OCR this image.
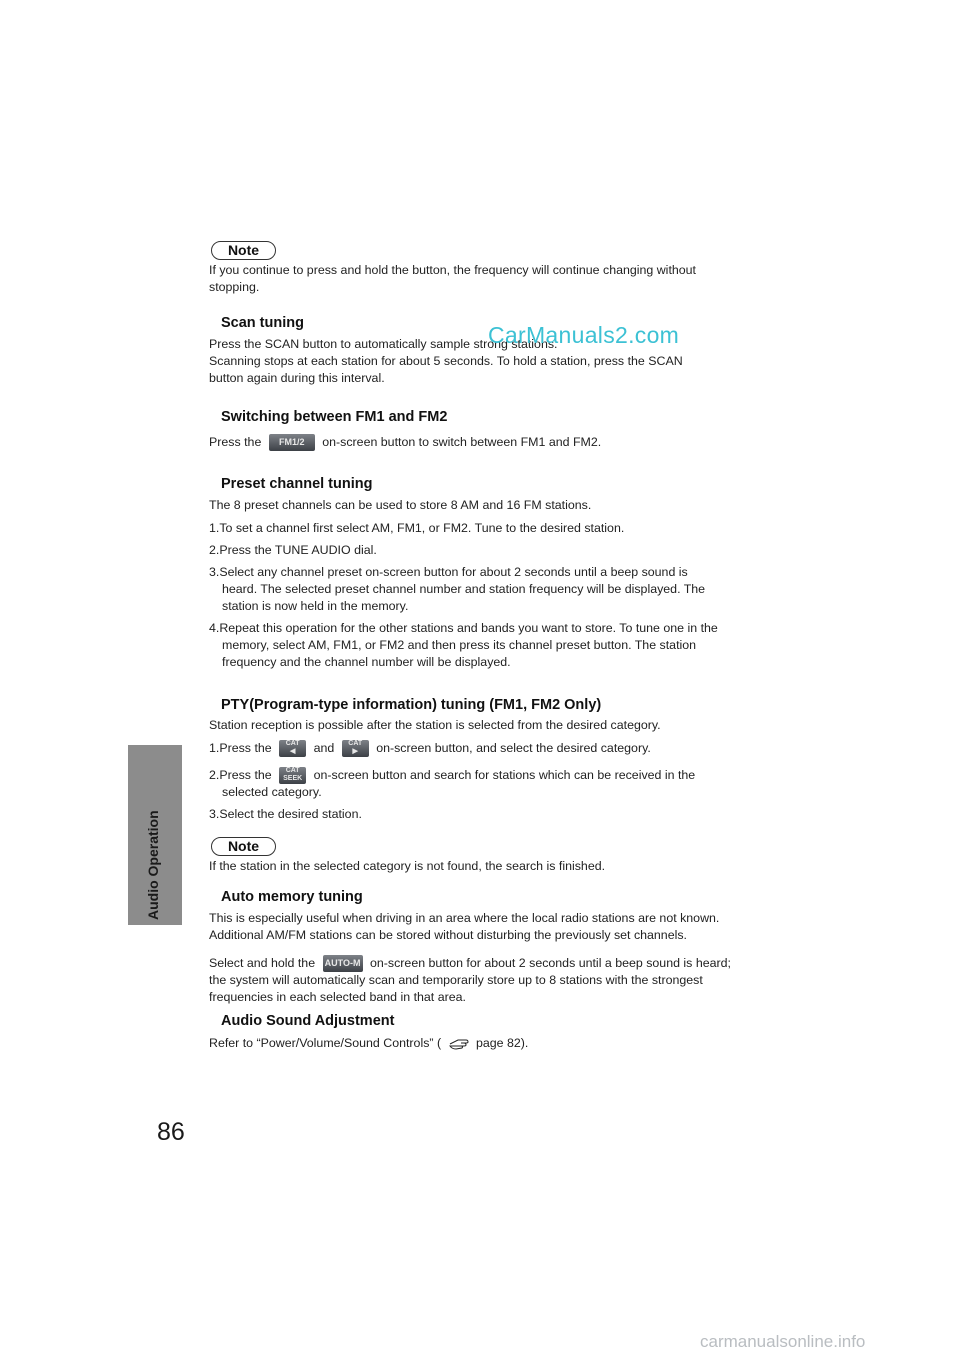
Audio Operation
86
Note
If you continue to press and hold the button, the frequency will continue changing without
stopping.
Scan tuning
Press the SCAN button to automatically sample strong stations.
Scanning stops at each station for about 5 seconds. To hold a station, press the SCAN
button again during this interval.
CarManuals2.com
Switching between FM1 and FM2
Press the FM1/2 on-screen button to switch between FM1 and FM2.
Preset channel tuning
The 8 preset channels can be used to store 8 AM and 16 FM stations.
1.To set a channel first select AM, FM1, or FM2. Tune to the desired station.
2.Press the TUNE AUDIO dial.
3.Select any channel preset on-screen button for about 2 seconds until a beep sound is
heard. The selected preset channel number and station frequency will be displayed. The
station is now held in the memory.
4.Repeat this operation for the other stations and bands you want to store. To tune one in the
memory, select AM, FM1, or FM2 and then press its channel preset button. The station
frequency and the channel number will be displayed.
PTY(Program-type information) tuning (FM1, FM2 Only)
Station reception is possible after the station is selected from the desired category.
1.Press the CAT
◀ and CAT
▶ on-screen button, and select the desired category.
2.Press the CAT
SEEK on-screen button and search for stations which can be received in the
selected category.
3.Select the desired station.
Note
If the station in the selected category is not found, the search is finished.
Auto memory tuning
This is especially useful when driving in an area where the local radio stations are not known.
Additional AM/FM stations can be stored without disturbing the previously set channels.
Select and hold the AUTO-M on-screen button for about 2 seconds until a beep sound is heard;
the system will automatically scan and temporarily store up to 8 stations with the strongest
frequencies in each selected band in that area.
Audio Sound Adjustment
Refer to “Power/Volume/Sound Controls” (	page 82).
carmanualsonline.info
